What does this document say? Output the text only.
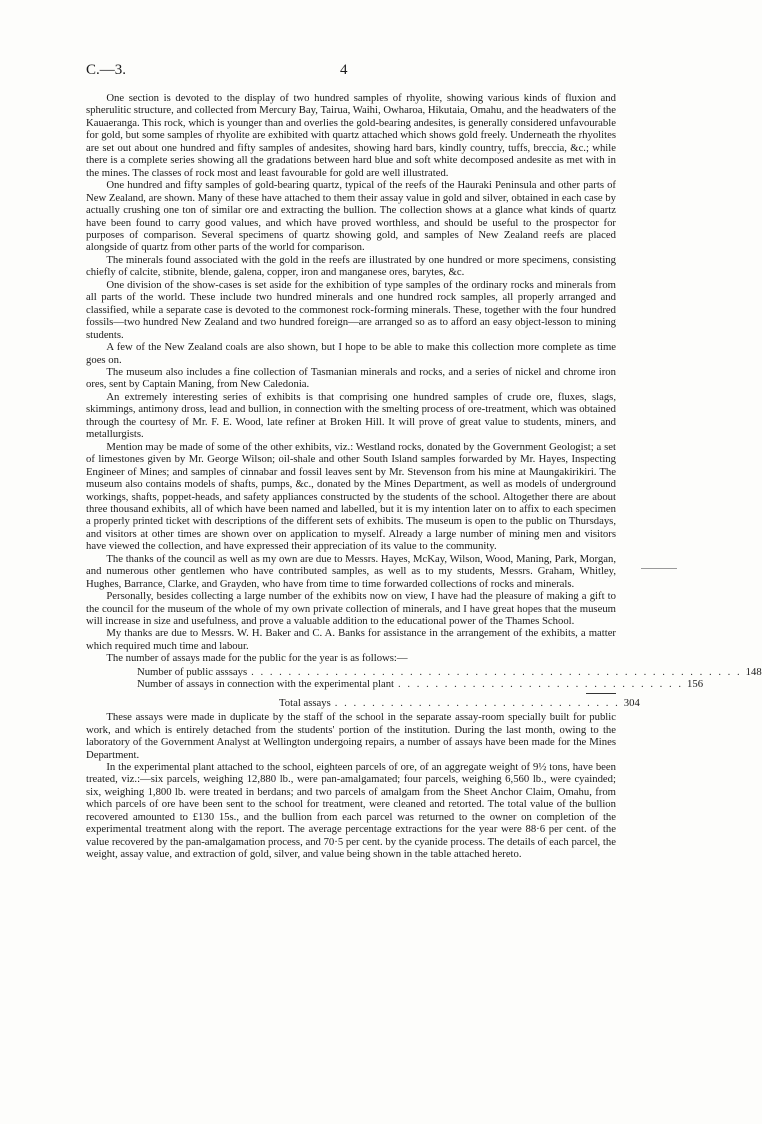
C.—3.	4

One section is devoted to the display of two hundred samples of rhyolite, showing various kinds of fluxion and spherulitic structure, and collected from Mercury Bay, Tairua, Waihi, Owharoa, Hikutaia, Omahu, and the headwaters of the Kauaeranga. This rock, which is younger than and overlies the gold-bearing andesites, is generally considered unfavourable for gold, but some samples of rhyolite are exhibited with quartz attached which shows gold freely. Underneath the rhyolites are set out about one hundred and fifty samples of andesites, showing hard bars, kindly country, tuffs, breccia, &c.; while there is a complete series showing all the gradations between hard blue and soft white decomposed andesite as met with in the mines. The classes of rock most and least favourable for gold are well illustrated.

One hundred and fifty samples of gold-bearing quartz, typical of the reefs of the Hauraki Peninsula and other parts of New Zealand, are shown. Many of these have attached to them their assay value in gold and silver, obtained in each case by actually crushing one ton of similar ore and extracting the bullion. The collection shows at a glance what kinds of quartz have been found to carry good values, and which have proved worthless, and should be useful to the prospector for purposes of comparison. Several specimens of quartz showing gold, and samples of New Zealand reefs are placed alongside of quartz from other parts of the world for comparison.

The minerals found associated with the gold in the reefs are illustrated by one hundred or more specimens, consisting chiefly of calcite, stibnite, blende, galena, copper, iron and manganese ores, barytes, &c.

One division of the show-cases is set aside for the exhibition of type samples of the ordinary rocks and minerals from all parts of the world. These include two hundred minerals and one hundred rock samples, all properly arranged and classified, while a separate case is devoted to the commonest rock-forming minerals. These, together with the four hundred fossils—two hundred New Zealand and two hundred foreign—are arranged so as to afford an easy object-lesson to mining students.

A few of the New Zealand coals are also shown, but I hope to be able to make this collection more complete as time goes on.

The museum also includes a fine collection of Tasmanian minerals and rocks, and a series of nickel and chrome iron ores, sent by Captain Maning, from New Caledonia.

An extremely interesting series of exhibits is that comprising one hundred samples of crude ore, fluxes, slags, skimmings, antimony dross, lead and bullion, in connection with the smelting process of ore-treatment, which was obtained through the courtesy of Mr. F. E. Wood, late refiner at Broken Hill. It will prove of great value to students, miners, and metallurgists.

Mention may be made of some of the other exhibits, viz.: Westland rocks, donated by the Government Geologist; a set of limestones given by Mr. George Wilson; oil-shale and other South Island samples forwarded by Mr. Hayes, Inspecting Engineer of Mines; and samples of cinnabar and fossil leaves sent by Mr. Stevenson from his mine at Maungakirikiri. The museum also contains models of shafts, pumps, &c., donated by the Mines Department, as well as models of underground workings, shafts, poppet-heads, and safety appliances constructed by the students of the school. Altogether there are about three thousand exhibits, all of which have been named and labelled, but it is my intention later on to affix to each specimen a properly printed ticket with descriptions of the different sets of exhibits. The museum is open to the public on Thursdays, and visitors at other times are shown over on application to myself. Already a large number of mining men and visitors have viewed the collection, and have expressed their appreciation of its value to the community.

The thanks of the council as well as my own are due to Messrs. Hayes, McKay, Wilson, Wood, Maning, Park, Morgan, and numerous other gentlemen who have contributed samples, as well as to my students, Messrs. Graham, Whitley, Hughes, Barrance, Clarke, and Grayden, who have from time to time forwarded collections of rocks and minerals.

Personally, besides collecting a large number of the exhibits now on view, I have had the pleasure of making a gift to the council for the museum of the whole of my own private collection of minerals, and I have great hopes that the museum will increase in size and usefulness, and prove a valuable addition to the educational power of the Thames School.

My thanks are due to Messrs. W. H. Baker and C. A. Banks for assistance in the arrangement of the exhibits, a matter which required much time and labour.

The number of assays made for the public for the year is as follows:—

Number of public asssays . . . . . . . . . . . . . . . . . . . . . . . . . . . . . . . . . . . . . . . . . . . . . . . . . . . . . 148
Number of assays in connection with the experimental plant . . . . . . . . . . . . . . . . . . . . . . . . . . . . . . . 156
Total assays . . . . . . . . . . . . . . . . . . . . . . . . . . . . . . . 304

These assays were made in duplicate by the staff of the school in the separate assay-room specially built for public work, and which is entirely detached from the students' portion of the institution. During the last month, owing to the laboratory of the Government Analyst at Wellington undergoing repairs, a number of assays have been made for the Mines Department.

In the experimental plant attached to the school, eighteen parcels of ore, of an aggregate weight of 9½ tons, have been treated, viz.:—six parcels, weighing 12,880 lb., were pan-amalgamated; four parcels, weighing 6,560 lb., were cyainded; six, weighing 1,800 lb. were treated in berdans; and two parcels of amalgam from the Sheet Anchor Claim, Omahu, from which parcels of ore have been sent to the school for treatment, were cleaned and retorted. The total value of the bullion recovered amounted to £130 15s., and the bullion from each parcel was returned to the owner on completion of the experimental treatment along with the report. The average percentage extractions for the year were 88·6 per cent. of the value recovered by the pan-amalgamation process, and 70·5 per cent. by the cyanide process. The details of each parcel, the weight, assay value, and extraction of gold, silver, and value being shown in the table attached hereto.
